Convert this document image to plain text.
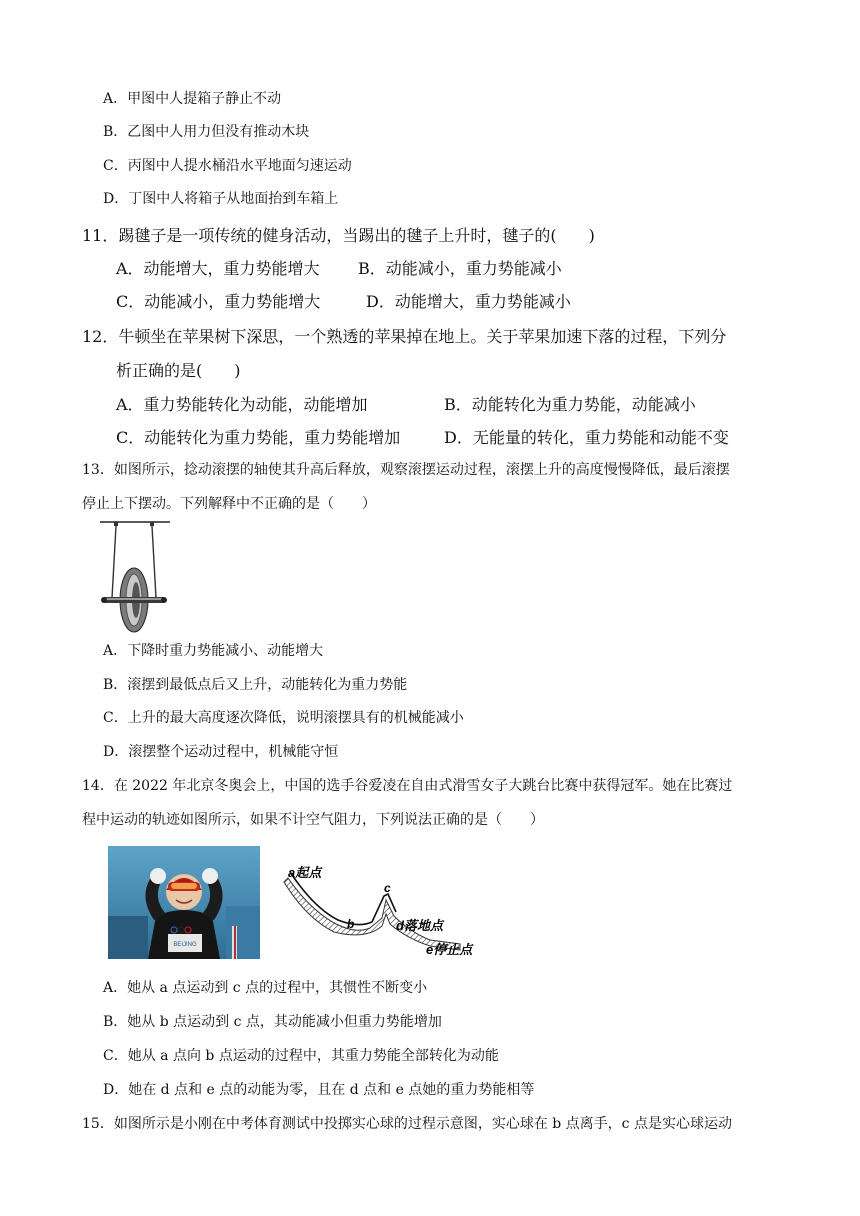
A．甲图中人提箱子静止不动
B．乙图中人用力但没有推动木块
C．丙图中人提水桶沿水平地面匀速运动
D．丁图中人将箱子从地面抬到车箱上
11．踢毽子是一项传统的健身活动，当踢出的毽子上升时，毽子的(　　)
A．动能增大，重力势能增大 B．动能减小，重力势能减小
C．动能减小，重力势能增大	D．动能增大，重力势能减小
12．牛顿坐在苹果树下深思，一个熟透的苹果掉在地上。关于苹果加速下落的过程，下列分
析正确的是(　　)
A．重力势能转化为动能，动能增加	B．动能转化为重力势能，动能减小
C．动能转化为重力势能，重力势能增加	D．无能量的转化，重力势能和动能不变
13．如图所示，捻动滚摆的轴使其升高后释放，观察滚摆运动过程，滚摆上升的高度慢慢降低，最后滚摆
停止上下摆动。下列解释中不正确的是（　　）
A．下降时重力势能减小、动能增大
B．滚摆到最低点后又上升，动能转化为重力势能
C．上升的最大高度逐次降低，说明滚摆具有的机械能减小
D．滚摆整个运动过程中，机械能守恒
14．在 2022 年北京冬奥会上，中国的选手谷爱凌在自由式滑雪女子大跳台比赛中获得冠军。她在比赛过
程中运动的轨迹如图所示，如果不计空气阻力，下列说法正确的是（　　）
BEIJING
a起点
b
c
d落地点
e停止点
A．她从 a 点运动到 c 点的过程中，其惯性不断变小
B．她从 b 点运动到 c 点，其动能减小但重力势能增加
C．她从 a 点向 b 点运动的过程中，其重力势能全部转化为动能
D．她在 d 点和 e 点的动能为零，且在 d 点和 e 点她的重力势能相等
15．如图所示是小刚在中考体育测试中投掷实心球的过程示意图，实心球在 b 点离手，c 点是实心球运动
